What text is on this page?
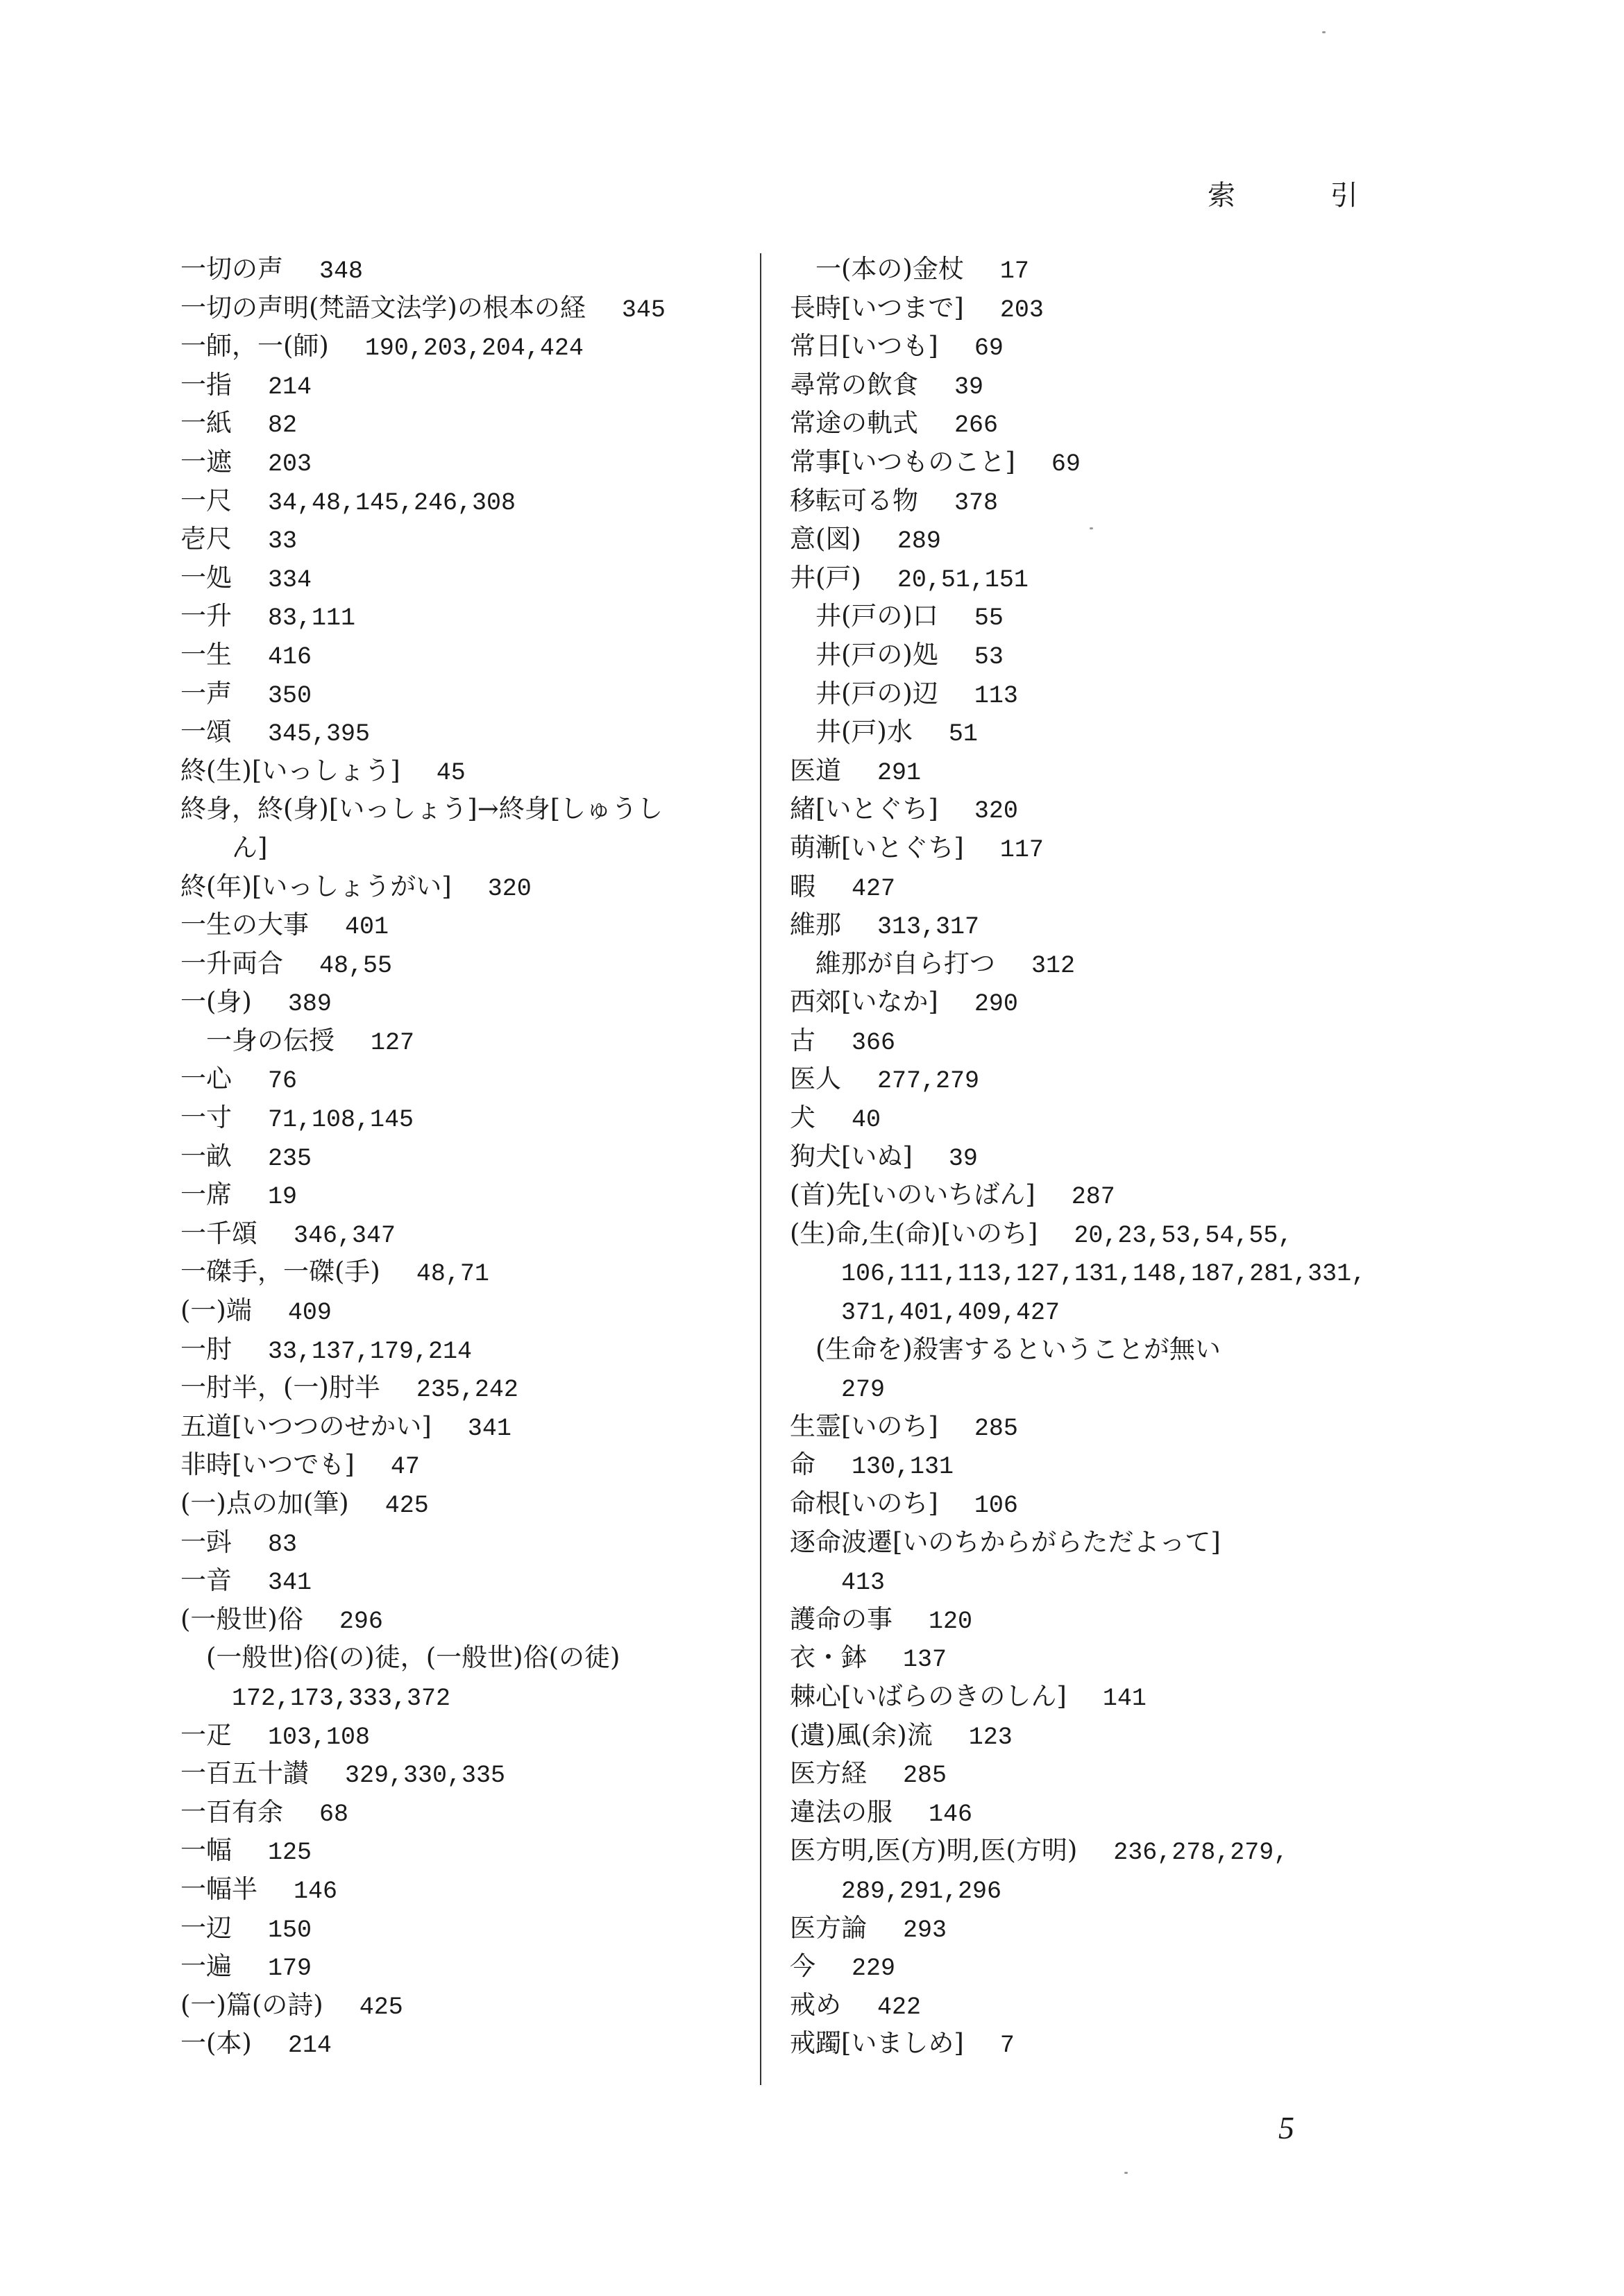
索 引
一切の声 348
一切の声明(梵語文法学)の根本の経 345
一師，一(師) 190,203,204,424
一指 214
一紙 82
一遮 203
一尺 34,48,145,246,308
壱尺 33
一処 334
一升 83,111
一生 416
一声 350
一頌 345,395
終(生)[いっしょう] 45
終身，終(身)[いっしょう]→終身[しゅうし
ん]
終(年)[いっしょうがい] 320
一生の大事 401
一升両合 48,55
一(身) 389
一身の伝授 127
一心 76
一寸 71,108,145
一畝 235
一席 19
一千頌 346,347
一磔手，一磔(手) 48,71
(一)端 409
一肘 33,137,179,214
一肘半，(一)肘半 235,242
五道[いつつのせかい] 341
非時[いつでも] 47
(一)点の加(筆) 425
一㪷 83
一音 341
(一般世)俗 296
(一般世)俗(の)徒，(一般世)俗(の徒)
172,173,333,372
一疋 103,108
一百五十讃 329,330,335
一百有余 68
一幅 125
一幅半 146
一辺 150
一遍 179
(一)篇(の詩) 425
一(本) 214
一(本の)金杖 17
長時[いつまで] 203
常日[いつも] 69
尋常の飲食 39
常途の軌式 266
常事[いつものこと] 69
移転可る物 378
意(図) 289
井(戸) 20,51,151
井(戸の)口 55
井(戸の)処 53
井(戸の)辺 113
井(戸)水 51
医道 291
緒[いとぐち] 320
萌漸[いとぐち] 117
暇 427
維那 313,317
維那が自ら打つ 312
西郊[いなか] 290
古 366
医人 277,279
犬 40
狗犬[いぬ] 39
(首)先[いのいちばん] 287
(生)命,生(命)[いのち] 20,23,53,54,55,
106,111,113,127,131,148,187,281,331,
371,401,409,427
(生命を)殺害するということが無い
279
生霊[いのち] 285
命 130,131
命根[いのち] 106
逐命波遷[いのちからがらただよって]
413
護命の事 120
衣・鉢 137
棘心[いばらのきのしん] 141
(遺)風(余)流 123
医方経 285
違法の服 146
医方明,医(方)明,医(方明) 236,278,279,
289,291,296
医方論 293
今 229
戒め 422
戒躅[いましめ] 7
5
